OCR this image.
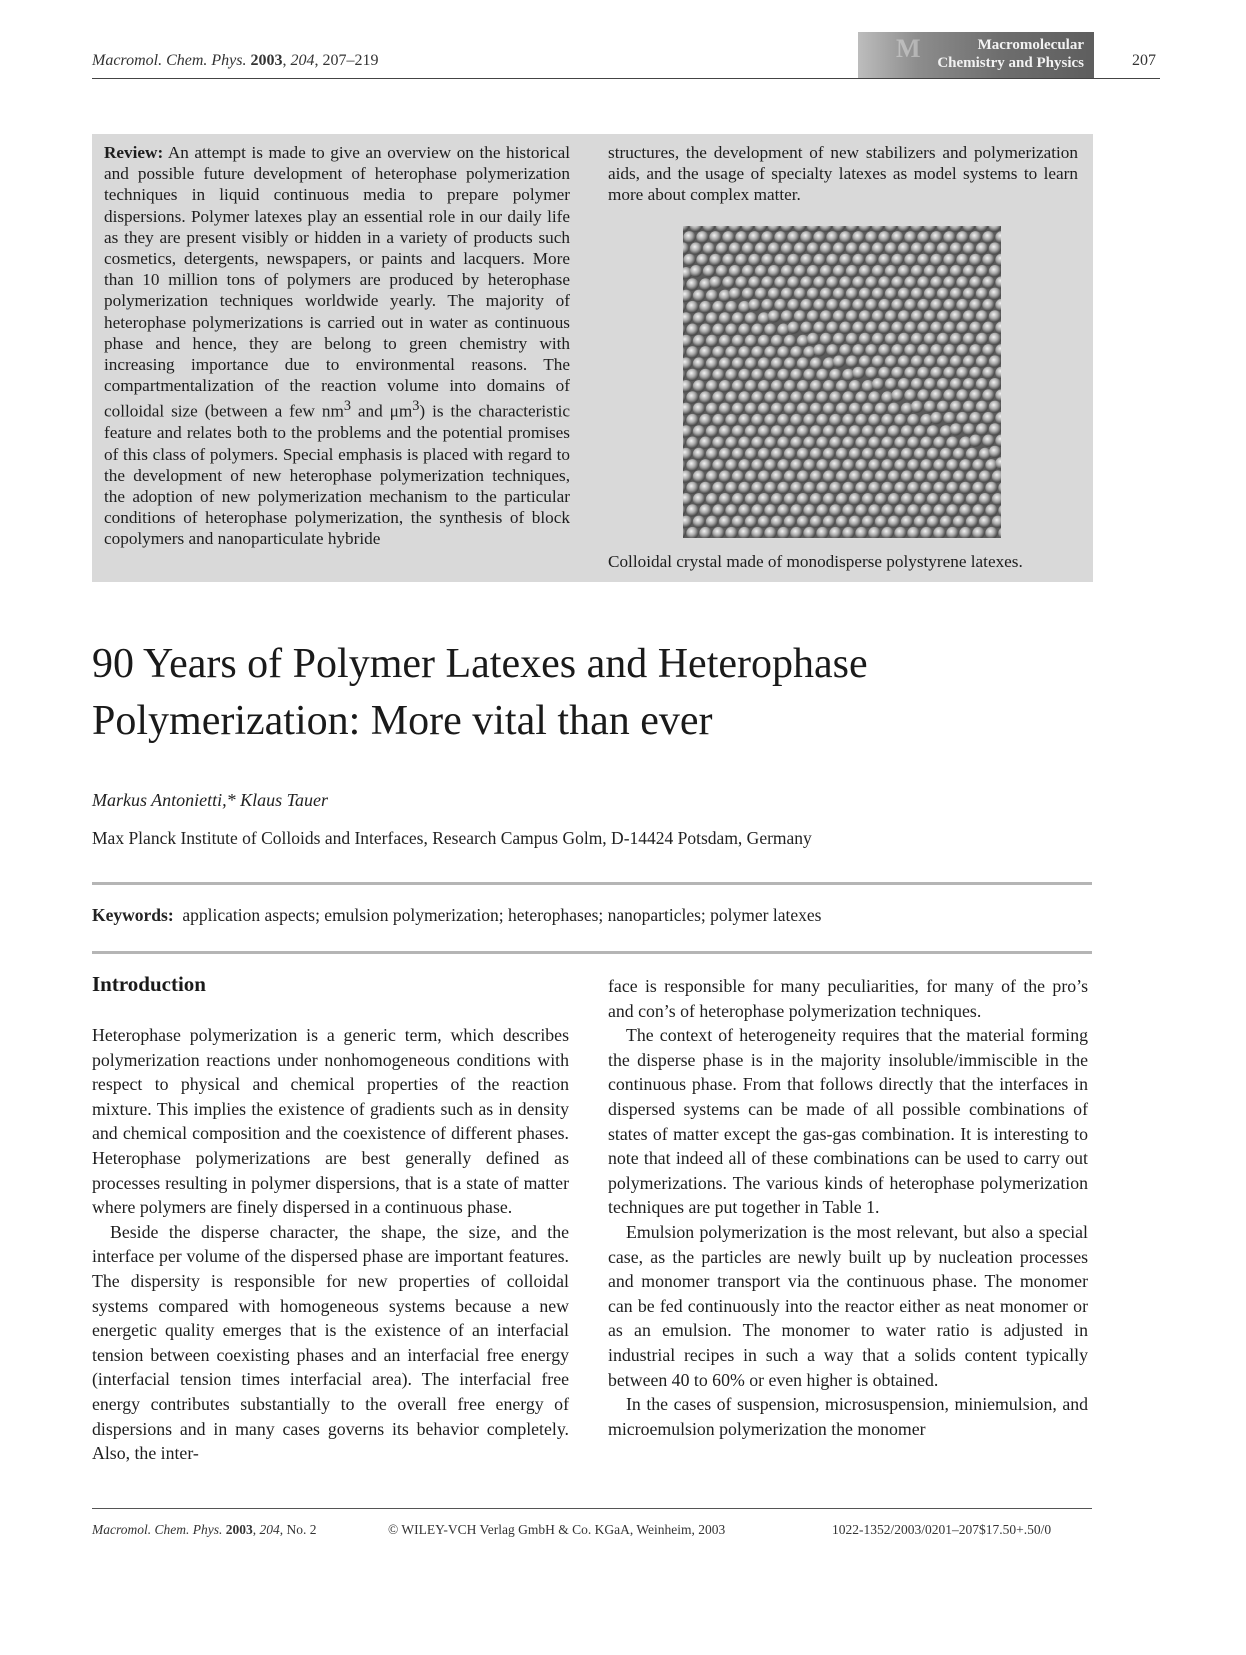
Macromol. Chem. Phys. 2003, 204, 207–219	M	Macromolecular
Chemistry and Physics	207
Review: An attempt is made to give an overview on the historical and possible future development of heterophase polymerization techniques in liquid continuous media to prepare polymer dispersions. Polymer latexes play an essential role in our daily life as they are present visibly or hidden in a variety of products such cosmetics, detergents, newspapers, or paints and lacquers. More than 10 million tons of polymers are produced by heterophase polymerization techniques worldwide yearly. The majority of heterophase polymerizations is carried out in water as continuous phase and hence, they are belong to green chemistry with increasing importance due to environmental reasons. The compartmentalization of the reaction volume into domains of colloidal size (between a few $nm^3$ and $\mu m^3$) is the characteristic feature and relates both to the problems and the potential promises of this class of polymers. Special emphasis is placed with regard to the development of new heterophase polymerization techniques, the adoption of new polymerization mechanism to the particular conditions of heterophase polymerization, the synthesis of block copolymers and nanoparticulate hybride
structures, the development of new stabilizers and polymerization aids, and the usage of specialty latexes as model systems to learn more about complex matter.
Colloidal crystal made of monodisperse polystyrene latexes.
90 Years of Polymer Latexes and Heterophase Polymerization: More vital than ever
Markus Antonietti,* Klaus Tauer
Max Planck Institute of Colloids and Interfaces, Research Campus Golm, D-14424 Potsdam, Germany
Keywords: application aspects; emulsion polymerization; heterophases; nanoparticles; polymer latexes
Introduction

Heterophase polymerization is a generic term, which describes polymerization reactions under nonhomogeneous conditions with respect to physical and chemical properties of the reaction mixture. This implies the existence of gradients such as in density and chemical composition and the coexistence of different phases. Heterophase polymerizations are best generally defined as processes resulting in polymer dispersions, that is a state of matter where polymers are finely dispersed in a continuous phase.

Beside the disperse character, the shape, the size, and the interface per volume of the dispersed phase are important features. The dispersity is responsible for new properties of colloidal systems compared with homogeneous systems because a new energetic quality emerges that is the existence of an interfacial tension between coexisting phases and an interfacial free energy (interfacial tension times interfacial area). The interfacial free energy contributes substantially to the overall free energy of dispersions and in many cases governs its behavior completely. Also, the inter-

face is responsible for many peculiarities, for many of the pro’s and con’s of heterophase polymerization techniques.

The context of heterogeneity requires that the material forming the disperse phase is in the majority insoluble/immiscible in the continuous phase. From that follows directly that the interfaces in dispersed systems can be made of all possible combinations of states of matter except the gas-gas combination. It is interesting to note that indeed all of these combinations can be used to carry out polymerizations. The various kinds of heterophase polymerization techniques are put together in Table 1.

Emulsion polymerization is the most relevant, but also a special case, as the particles are newly built up by nucleation processes and monomer transport via the continuous phase. The monomer can be fed continuously into the reactor either as neat monomer or as an emulsion. The monomer to water ratio is adjusted in industrial recipes in such a way that a solids content typically between 40 to 60% or even higher is obtained.

In the cases of suspension, microsuspension, miniemulsion, and microemulsion polymerization the monomer

Macromol. Chem. Phys. 2003, 204, No. 2	© WILEY-VCH Verlag GmbH & Co. KGaA, Weinheim, 2003	1022-1352/2003/0201–207$17.50+.50/0
